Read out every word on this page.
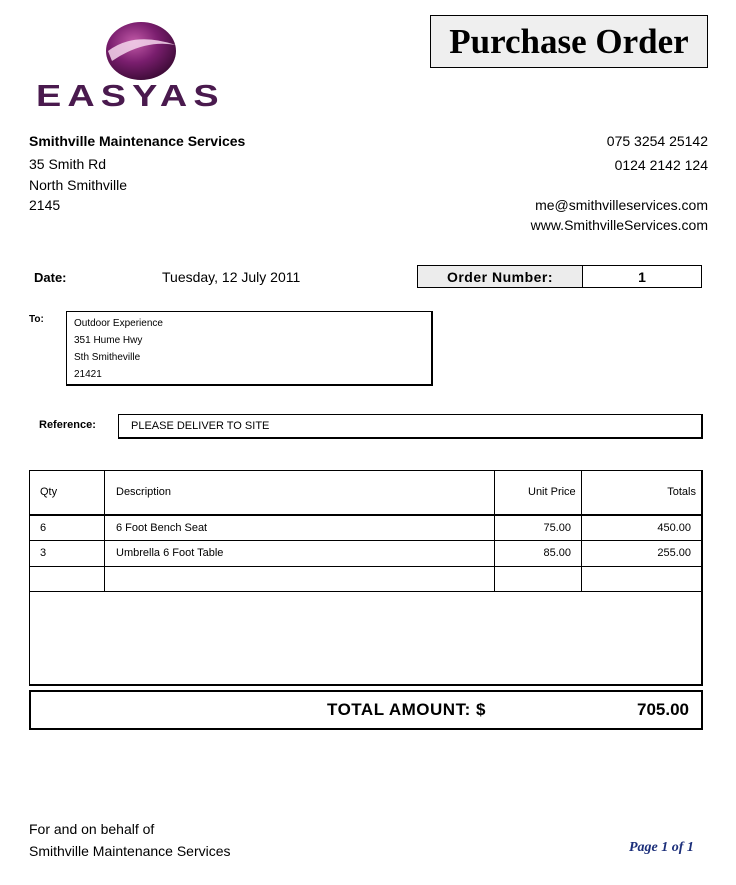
EASYAS
Purchase Order
Smithville Maintenance Services
35 Smith Rd
North Smithville
2145
075 3254 25142
0124 2142 124
me@smithvilleservices.com
www.SmithvilleServices.com
Date:	Tuesday, 12 July 2011	Order Number:	1
To:	Outdoor Experience
351 Hume Hwy
Sth Smitheville
21421
Reference:	PLEASE DELIVER TO SITE
Qty	Description	Unit Price	Totals
6	6 Foot Bench Seat	75.00	450.00
3	Umbrella 6 Foot Table	85.00	255.00
TOTAL AMOUNT: $	705.00
For and on behalf of
Smithville Maintenance Services	Page 1 of 1
